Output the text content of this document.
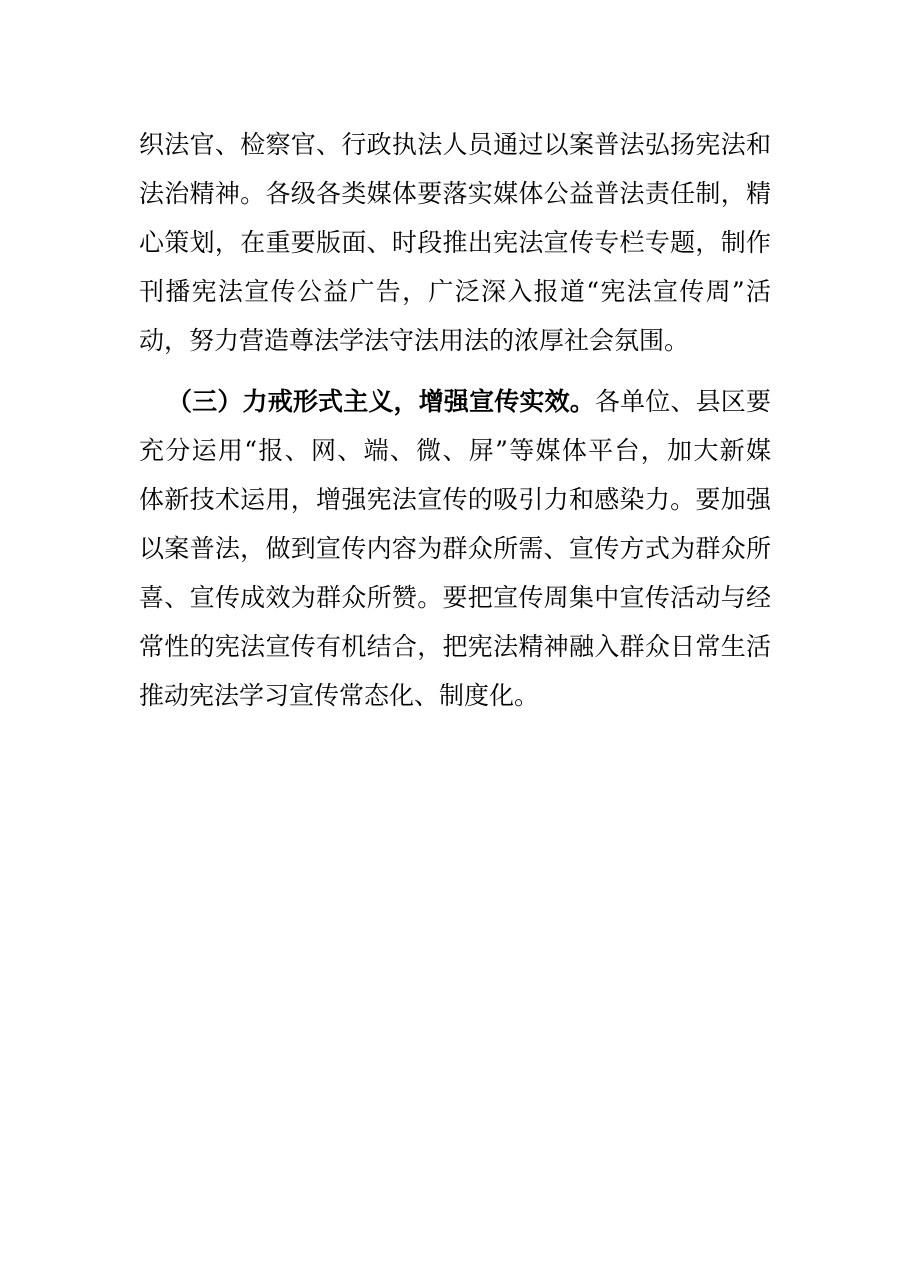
织法官、检察官、行政执法人员通过以案普法弘扬宪法和
法治精神。各级各类媒体要落实媒体公益普法责任制，精
心策划，在重要版面、时段推出宪法宣传专栏专题，制作
刊播宪法宣传公益广告，广泛深入报道“宪法宣传周”活
动，努力营造尊法学法守法用法的浓厚社会氛围。
（三）力戒形式主义，增强宣传实效。各单位、县区要
充分运用“报、网、端、微、屏”等媒体平台，加大新媒
体新技术运用，增强宪法宣传的吸引力和感染力。要加强
以案普法，做到宣传内容为群众所需、宣传方式为群众所
喜、宣传成效为群众所赞。要把宣传周集中宣传活动与经
常性的宪法宣传有机结合，把宪法精神融入群众日常生活
推动宪法学习宣传常态化、制度化。
